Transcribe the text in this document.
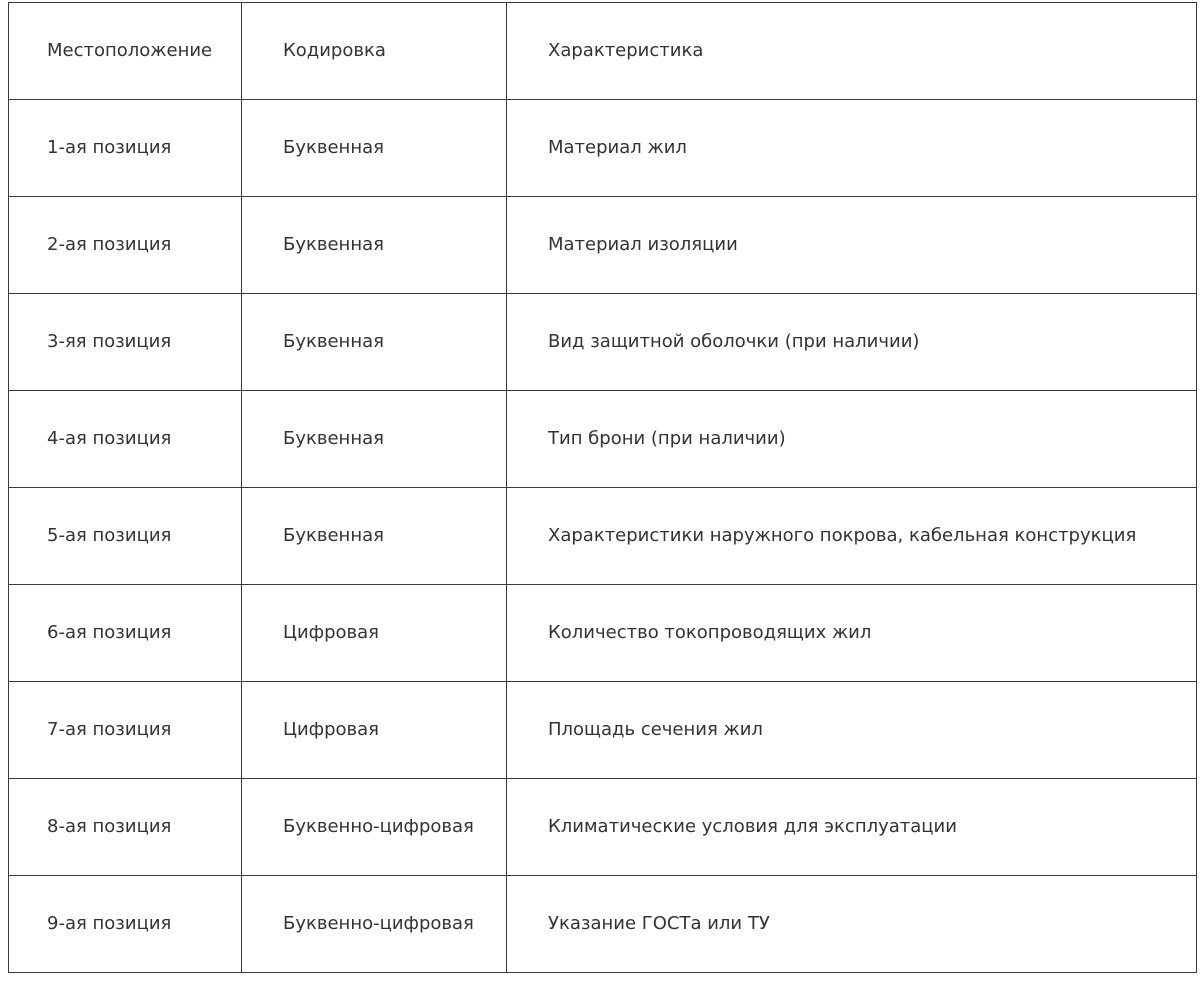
Местоположение	Кодировка	Характеристика
1-ая позиция	Буквенная	Материал жил
2-ая позиция	Буквенная	Материал изоляции
3-яя позиция	Буквенная	Вид защитной оболочки (при наличии)
4-ая позиция	Буквенная	Тип брони (при наличии)
5-ая позиция	Буквенная	Характеристики наружного покрова, кабельная конструкция
6-ая позиция	Цифровая	Количество токопроводящих жил
7-ая позиция	Цифровая	Площадь сечения жил
8-ая позиция	Буквенно-цифровая	Климатические условия для эксплуатации
9-ая позиция	Буквенно-цифровая	Указание ГОСТа или ТУ
